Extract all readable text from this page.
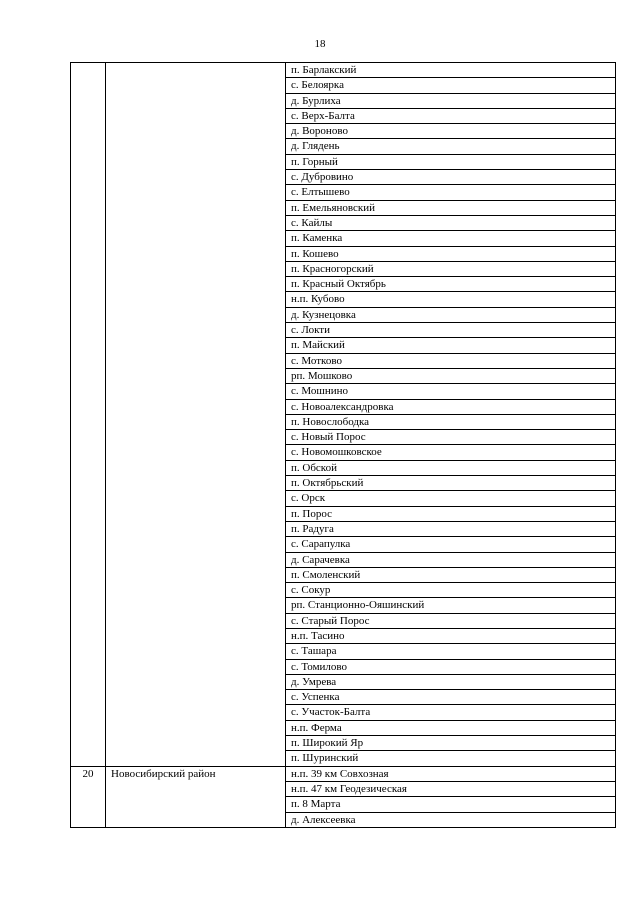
18
		п. Барлакский
		с. Белоярка
		д. Бурлиха
		с. Верх-Балта
		д. Вороново
		д. Глядень
		п. Горный
		с. Дубровино
		с. Елтышево
		п. Емельяновский
		с. Кайлы
		п. Каменка
		п. Кошево
		п. Красногорский
		п. Красный Октябрь
		н.п. Кубово
		д. Кузнецовка
		с. Локти
		п. Майский
		с. Мотково
		рп. Мошково
		с. Мошнино
		с. Новоалександровка
		п. Новослободка
		с. Новый Порос
		с. Новомошковское
		п. Обской
		п. Октябрьский
		с. Орск
		п. Порос
		п. Радуга
		с. Сарапулка
		д. Сарачевка
		п. Смоленский
		с. Сокур
		рп. Станционно-Ояшинский
		с. Старый Порос
		н.п. Тасино
		с. Ташара
		с. Томилово
		д. Умрева
		с. Успенка
		с. Участок-Балта
		н.п. Ферма
		п. Широкий Яр
		п. Шуринский
20	Новосибирский район	н.п. 39 км Совхозная
		н.п. 47 км Геодезическая
		п. 8 Марта
		д. Алексеевка
